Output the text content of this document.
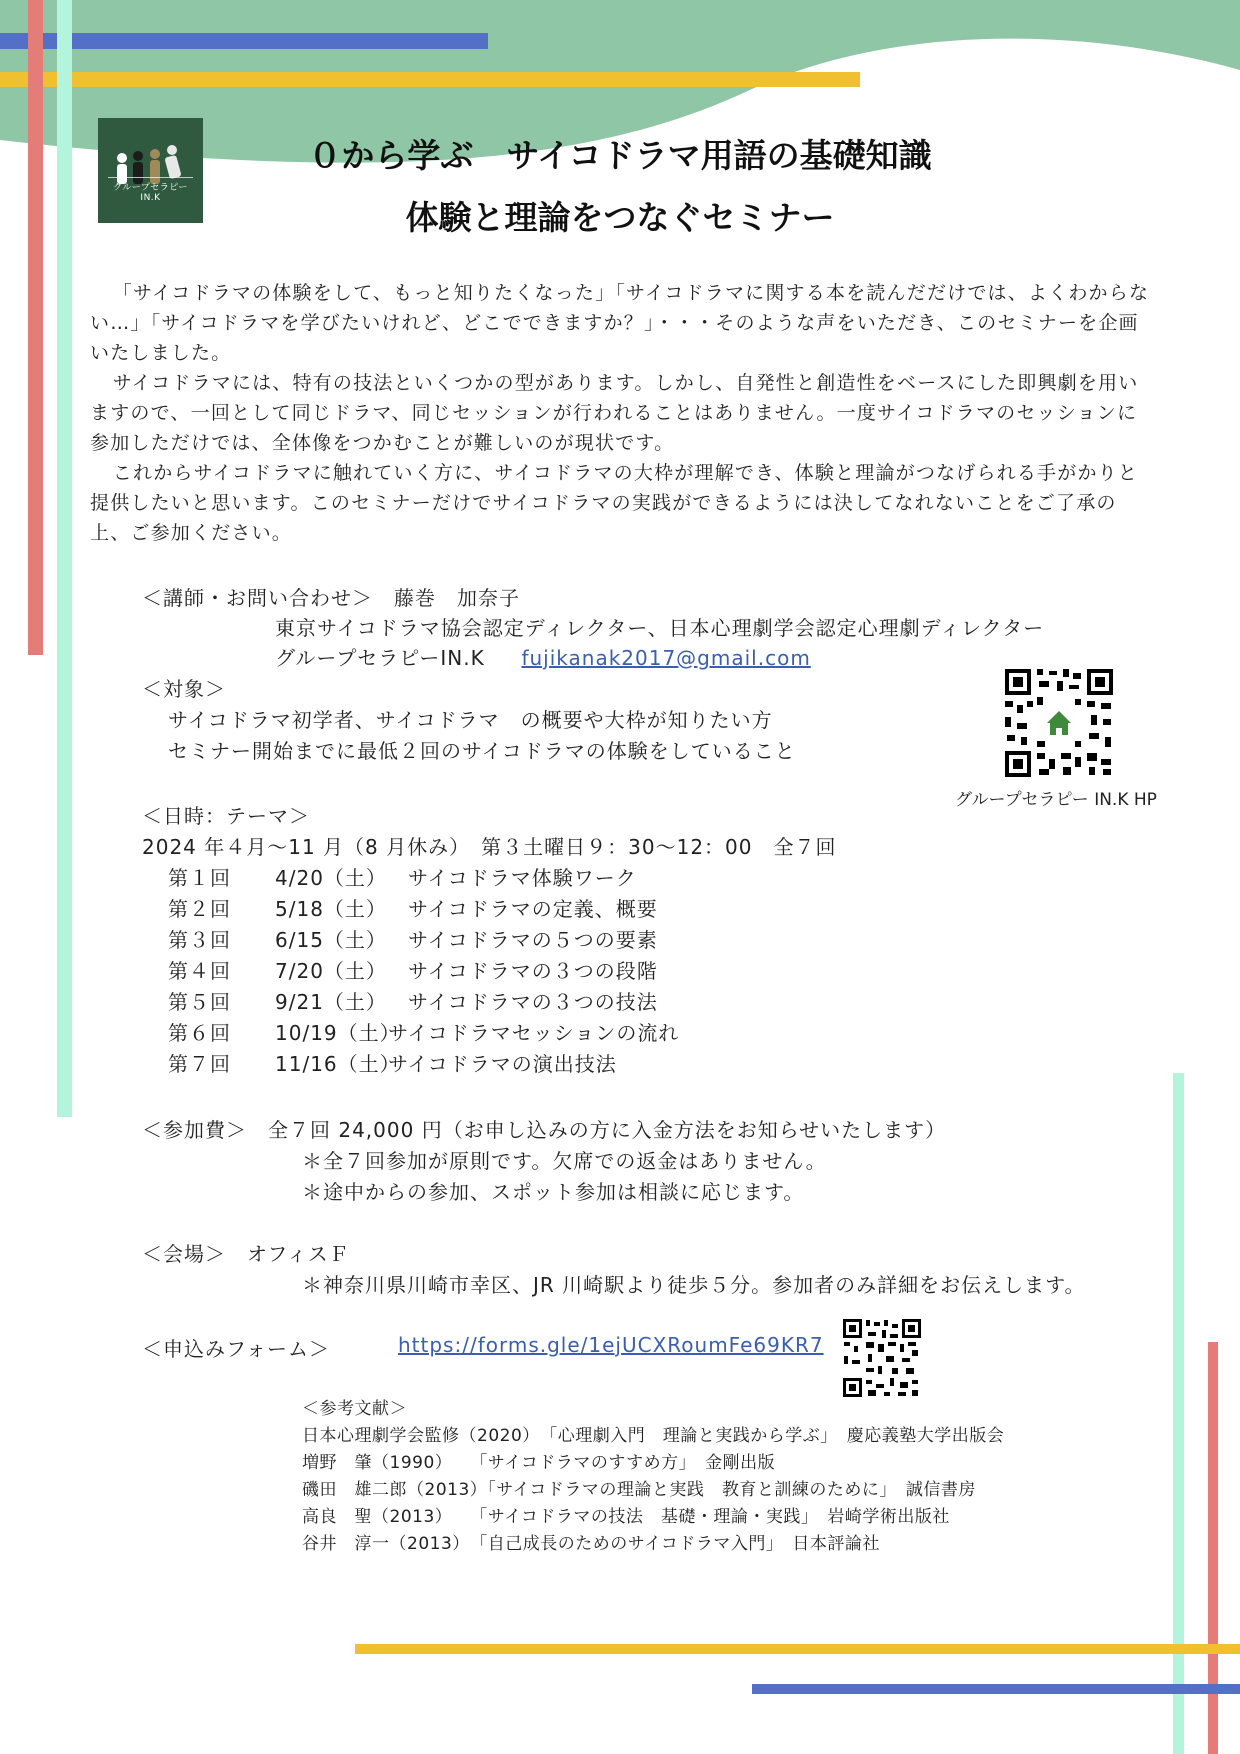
グループセラピーIN.K
０から学ぶ　サイコドラマ用語の基礎知識
体験と理論をつなぐセミナー

「サイコドラマの体験をして、もっと知りたくなった」「サイコドラマに関する本を読んだだけでは、よくわからない…」「サイコドラマを学びたいけれど、どこでできますか？」・・・そのような声をいただき、このセミナーを企画いたしました。

サイコドラマには、特有の技法といくつかの型があります。しかし、自発性と創造性をベースにした即興劇を用いますので、一回として同じドラマ、同じセッションが行われることはありません。一度サイコドラマのセッションに参加しただけでは、全体像をつかむことが難しいのが現状です。

これからサイコドラマに触れていく方に、サイコドラマの大枠が理解でき、体験と理論がつなげられる手がかりと提供したいと思います。このセミナーだけでサイコドラマの実践ができるようには決してなれないことをご了承の上、ご参加ください。

＜講師・お問い合わせ＞　藤巻　加奈子
東京サイコドラマ協会認定ディレクター、日本心理劇学会認定心理劇ディレクター
グループセラピーIN.K fujikanak2017@gmail.com
＜対象＞
サイコドラマ初学者、サイコドラマ　の概要や大枠が知りたい方
セミナー開始までに最低２回のサイコドラマの体験をしていること
グループセラピー IN.K HP
＜日時：テーマ＞
2024 年４月〜11 月（8 月休み）　第３土曜日９：30〜12：00　全７回
第１回 4/20（土） サイコドラマ体験ワーク
第２回 5/18（土） サイコドラマの定義、概要
第３回 6/15（土） サイコドラマの５つの要素
第４回 7/20（土） サイコドラマの３つの段階
第５回 9/21（土） サイコドラマの３つの技法
第６回 10/19（土）
サイコドラマセッションの流れ
第７回 11/16（土）
サイコドラマの演出技法
＜参加費＞　全７回 24,000 円（お申し込みの方に入金方法をお知らせいたします）
＊全７回参加が原則です。欠席での返金はありません。
＊途中からの参加、スポット参加は相談に応じます。
＜会場＞　オフィスＦ
＊神奈川県川崎市幸区、JR 川崎駅より徒歩５分。参加者のみ詳細をお伝えします。
＜申込みフォーム＞	https://forms.gle/1ejUCXRoumFe69KR7
＜参考文献＞
日本心理劇学会監修（2020）　「心理劇入門　理論と実践から学ぶ」　慶応義塾大学出版会
増野　肇（1990）　　「サイコドラマのすすめ方」　金剛出版
磯田　雄二郎（2013）「サイコドラマの理論と実践　教育と訓練のために」　誠信書房
高良　聖（2013）　　「サイコドラマの技法　基礎・理論・実践」　岩崎学術出版社
谷井　淳一（2013）　「自己成長のためのサイコドラマ入門」　日本評論社
